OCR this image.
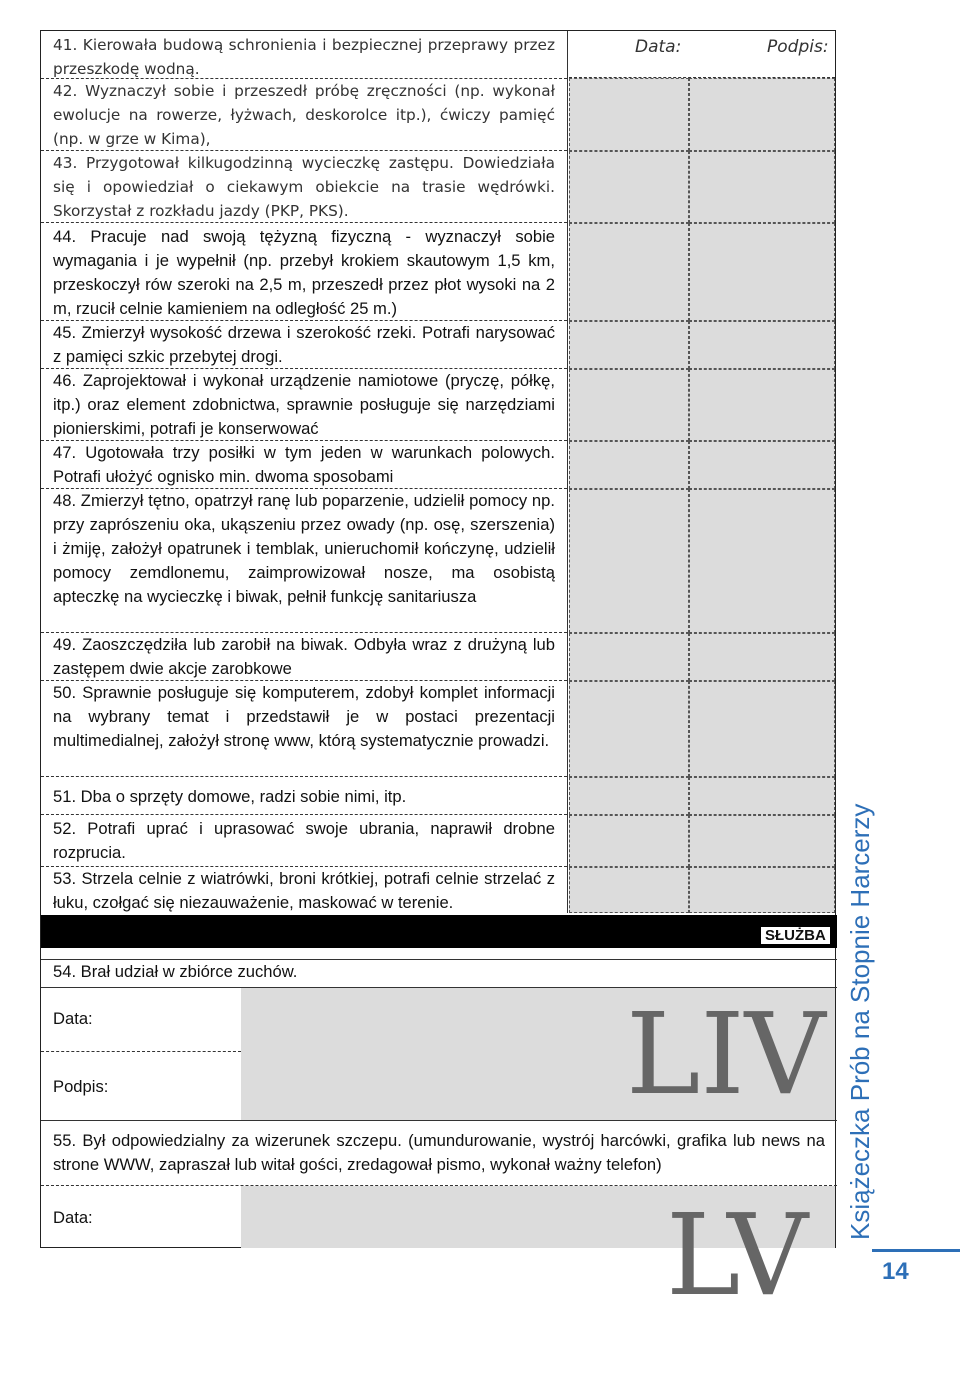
Data:	Podpis:
41. Kierowała budową schronienia i bezpiecznej przeprawy przez przeszkodę wodną.
42. Wyznaczył sobie i przeszedł próbę zręczności (np. wykonał ewolucje na rowerze, łyżwach, deskorolce itp.), ćwiczy pamięć (np. w grze w Kima),
43. Przygotował kilkugodzinną wycieczkę zastępu. Dowiedziała się i opowiedział o ciekawym obiekcie na trasie wędrówki. Skorzystał z rozkładu jazdy (PKP, PKS).
44. Pracuje nad swoją tężyzną fizyczną - wyznaczył sobie wymagania i je wypełnił (np. przebył krokiem skautowym 1,5 km, przeskoczył rów szeroki na 2,5 m, przeszedł przez płot wysoki na 2 m, rzucił celnie kamieniem na odległość 25 m.)
45. Zmierzył wysokość drzewa i szerokość rzeki. Potrafi narysować z pamięci szkic przebytej drogi.
46. Zaprojektował i wykonał urządzenie namiotowe (pryczę, półkę, itp.) oraz element zdobnictwa, sprawnie posługuje się narzędziami pionierskimi, potrafi je konserwować
47. Ugotowała trzy posiłki w tym jeden w warunkach polowych. Potrafi ułożyć ognisko min. dwoma sposobami
48. Zmierzył tętno, opatrzył ranę lub poparzenie, udzielił pomocy np. przy zaprószeniu oka, ukąszeniu przez owady (np. osę, szerszenia) i żmiję, założył opatrunek i temblak, unieruchomił kończynę, udzielił pomocy zemdlonemu, zaimprowizował nosze, ma osobistą apteczkę na wycieczkę i biwak, pełnił funkcję sanitariusza
49. Zaoszczędziła lub zarobił na biwak. Odbyła wraz z drużyną lub zastępem dwie akcje zarobkowe
50. Sprawnie posługuje się komputerem, zdobył komplet informacji na wybrany temat i przedstawił je w postaci prezentacji multimedialnej, założył stronę www, którą systematycznie prowadzi.
51. Dba o sprzęty domowe, radzi sobie nimi, itp.
52. Potrafi uprać i uprasować swoje ubrania, naprawił drobne rozprucia.
53. Strzela celnie z wiatrówki, broni krótkiej, potrafi celnie strzelać z łuku, czołgać się niezauważenie, maskować w terenie.
SŁUŻBA
54. Brał udział w zbiórce zuchów.
LIV
Data:
Podpis:
55. Był odpowiedzialny za wizerunek szczepu. (umundurowanie, wystrój harcówki, grafika lub news na strone WWW, zapraszał lub witał gości, zredagował pismo, wykonał ważny telefon)
LV
Data:	Książeczka Prób na Stopnie Harcerzy
14
